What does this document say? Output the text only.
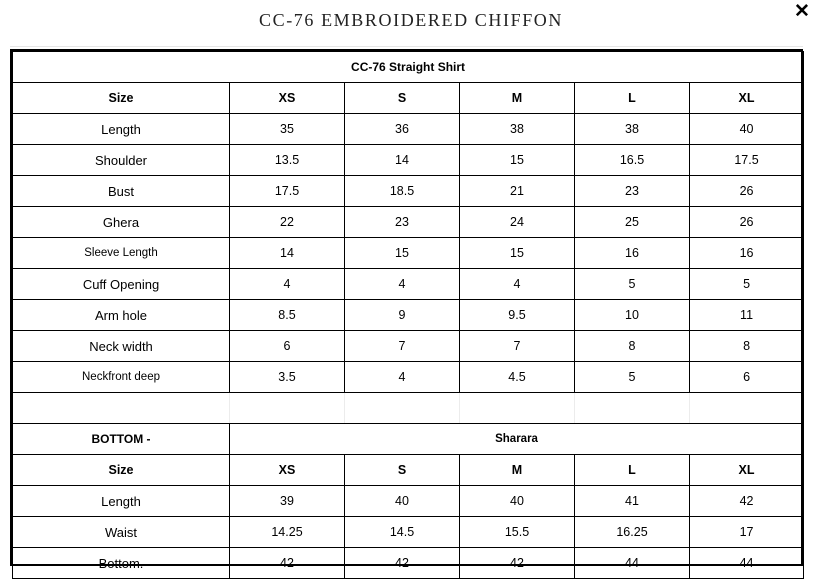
CC-76 EMBROIDERED CHIFFON	✕
CC-76 Straight Shirt					
Size	XS	S	M	L	XL
Length	35	36	38	38	40
Shoulder	13.5	14	15	16.5	17.5
Bust	17.5	18.5	21	23	26
Ghera	22	23	24	25	26
Sleeve Length	14	15	15	16	16
Cuff Opening	4	4	4	5	5
Arm hole	8.5	9	9.5	10	11
Neck width	6	7	7	8	8
Neckfront deep	3.5	4	4.5	5	6

BOTTOM -	Sharara				
Size	XS	S	M	L	XL
Length	39	40	40	41	42
Waist	14.25	14.5	15.5	16.25	17
Bottom.	42	42	42	44	44
